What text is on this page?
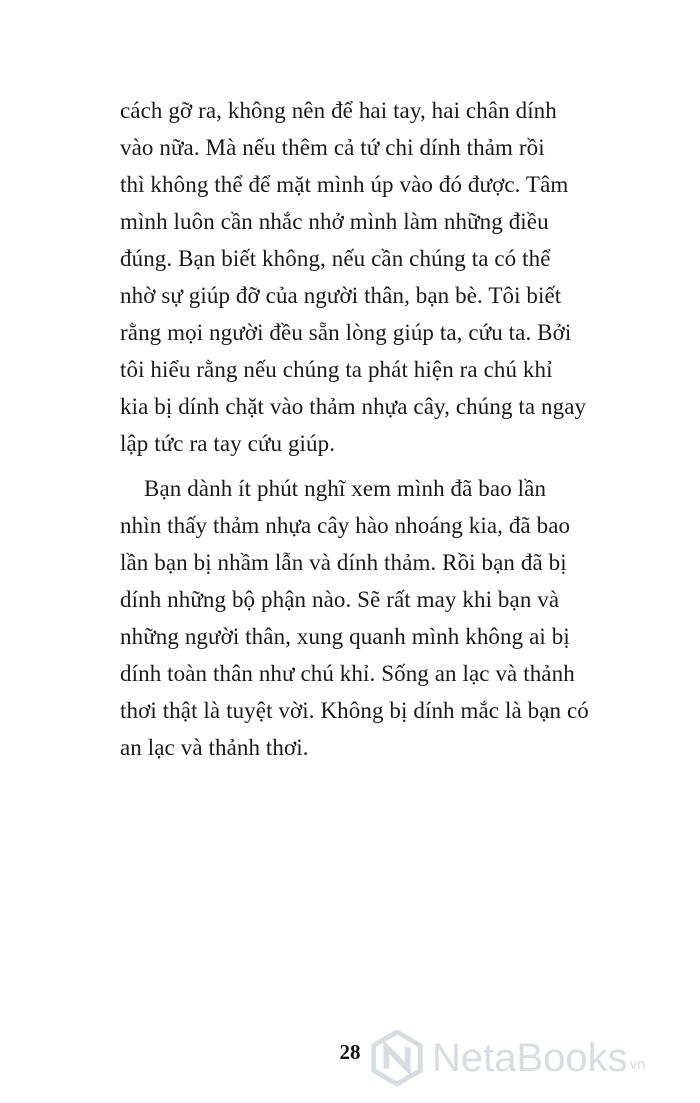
cách gỡ ra, không nên để hai tay, hai chân dính
vào nữa. Mà nếu thêm cả tứ chi dính thảm rồi
thì không thể để mặt mình úp vào đó được. Tâm
mình luôn cần nhắc nhở mình làm những điều
đúng. Bạn biết không, nếu cần chúng ta có thể
nhờ sự giúp đỡ của người thân, bạn bè. Tôi biết
rằng mọi người đều sẵn lòng giúp ta, cứu ta. Bởi
tôi hiểu rằng nếu chúng ta phát hiện ra chú khỉ
kia bị dính chặt vào thảm nhựa cây, chúng ta ngay
lập tức ra tay cứu giúp.
Bạn dành ít phút nghĩ xem mình đã bao lần
nhìn thấy thảm nhựa cây hào nhoáng kia, đã bao
lần bạn bị nhầm lẫn và dính thảm. Rồi bạn đã bị
dính những bộ phận nào. Sẽ rất may khi bạn và
những người thân, xung quanh mình không ai bị
dính toàn thân như chú khỉ. Sống an lạc và thảnh
thơi thật là tuyệt vời. Không bị dính mắc là bạn có
an lạc và thảnh thơi.
28	NetaBooks vn
